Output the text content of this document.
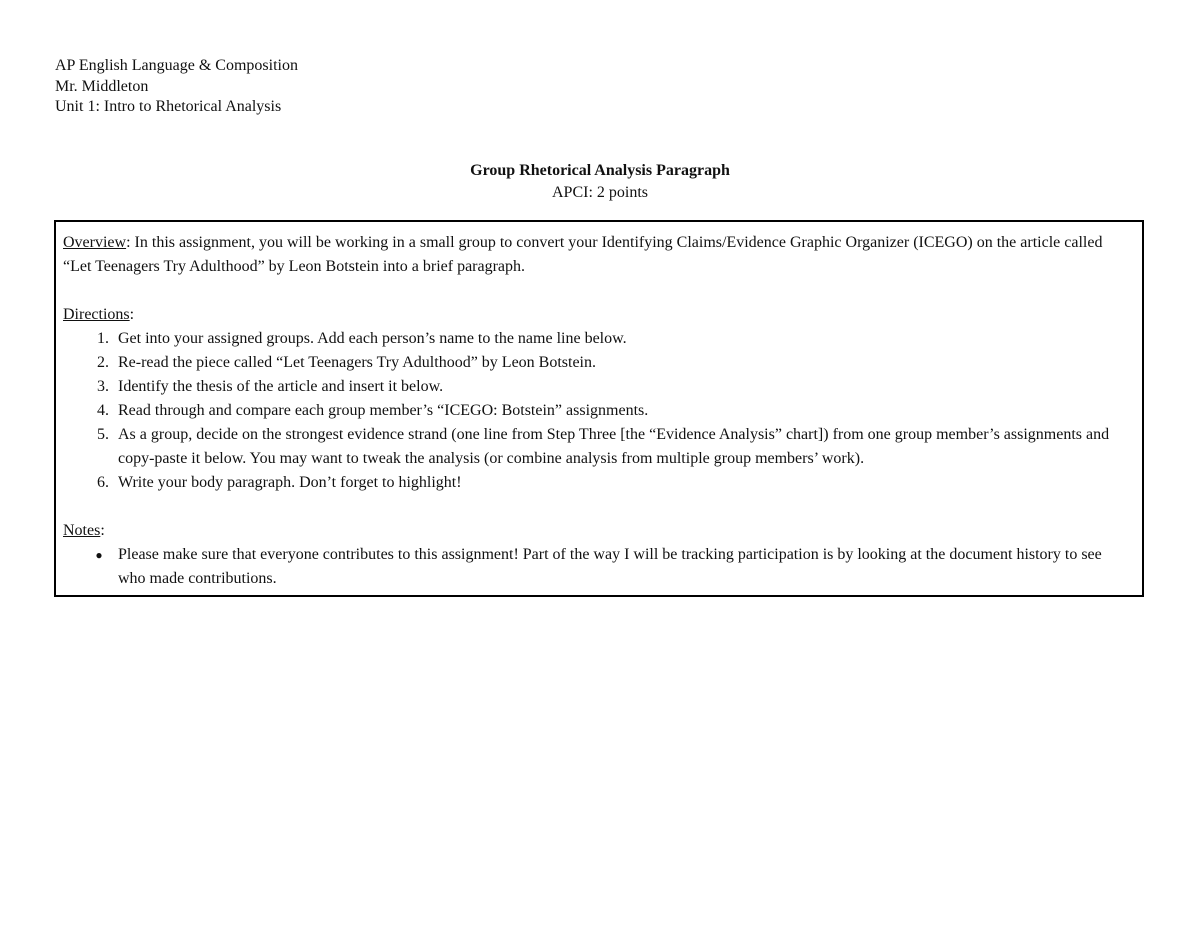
AP English Language & Composition
Mr. Middleton
Unit 1: Intro to Rhetorical Analysis
Group Rhetorical Analysis Paragraph
APCI: 2 points

Overview: In this assignment, you will be working in a small group to convert your Identifying Claims/Evidence Graphic Organizer (ICEGO) on the article called “Let Teenagers Try Adulthood” by Leon Botstein into a brief paragraph.

Directions:
1. Get into your assigned groups. Add each person’s name to the name line below.
2. Re-read the piece called “Let Teenagers Try Adulthood” by Leon Botstein.
3. Identify the thesis of the article and insert it below.
4. Read through and compare each group member’s “ICEGO: Botstein” assignments.
5. As a group, decide on the strongest evidence strand (one line from Step Three [the “Evidence Analysis” chart]) from one group member’s assignments and copy-paste it below. You may want to tweak the analysis (or combine analysis from multiple group members’ work).
6. Write your body paragraph. Don’t forget to highlight!
Notes:
● Please make sure that everyone contributes to this assignment! Part of the way I will be tracking participation is by looking at the document history to see who made contributions.
